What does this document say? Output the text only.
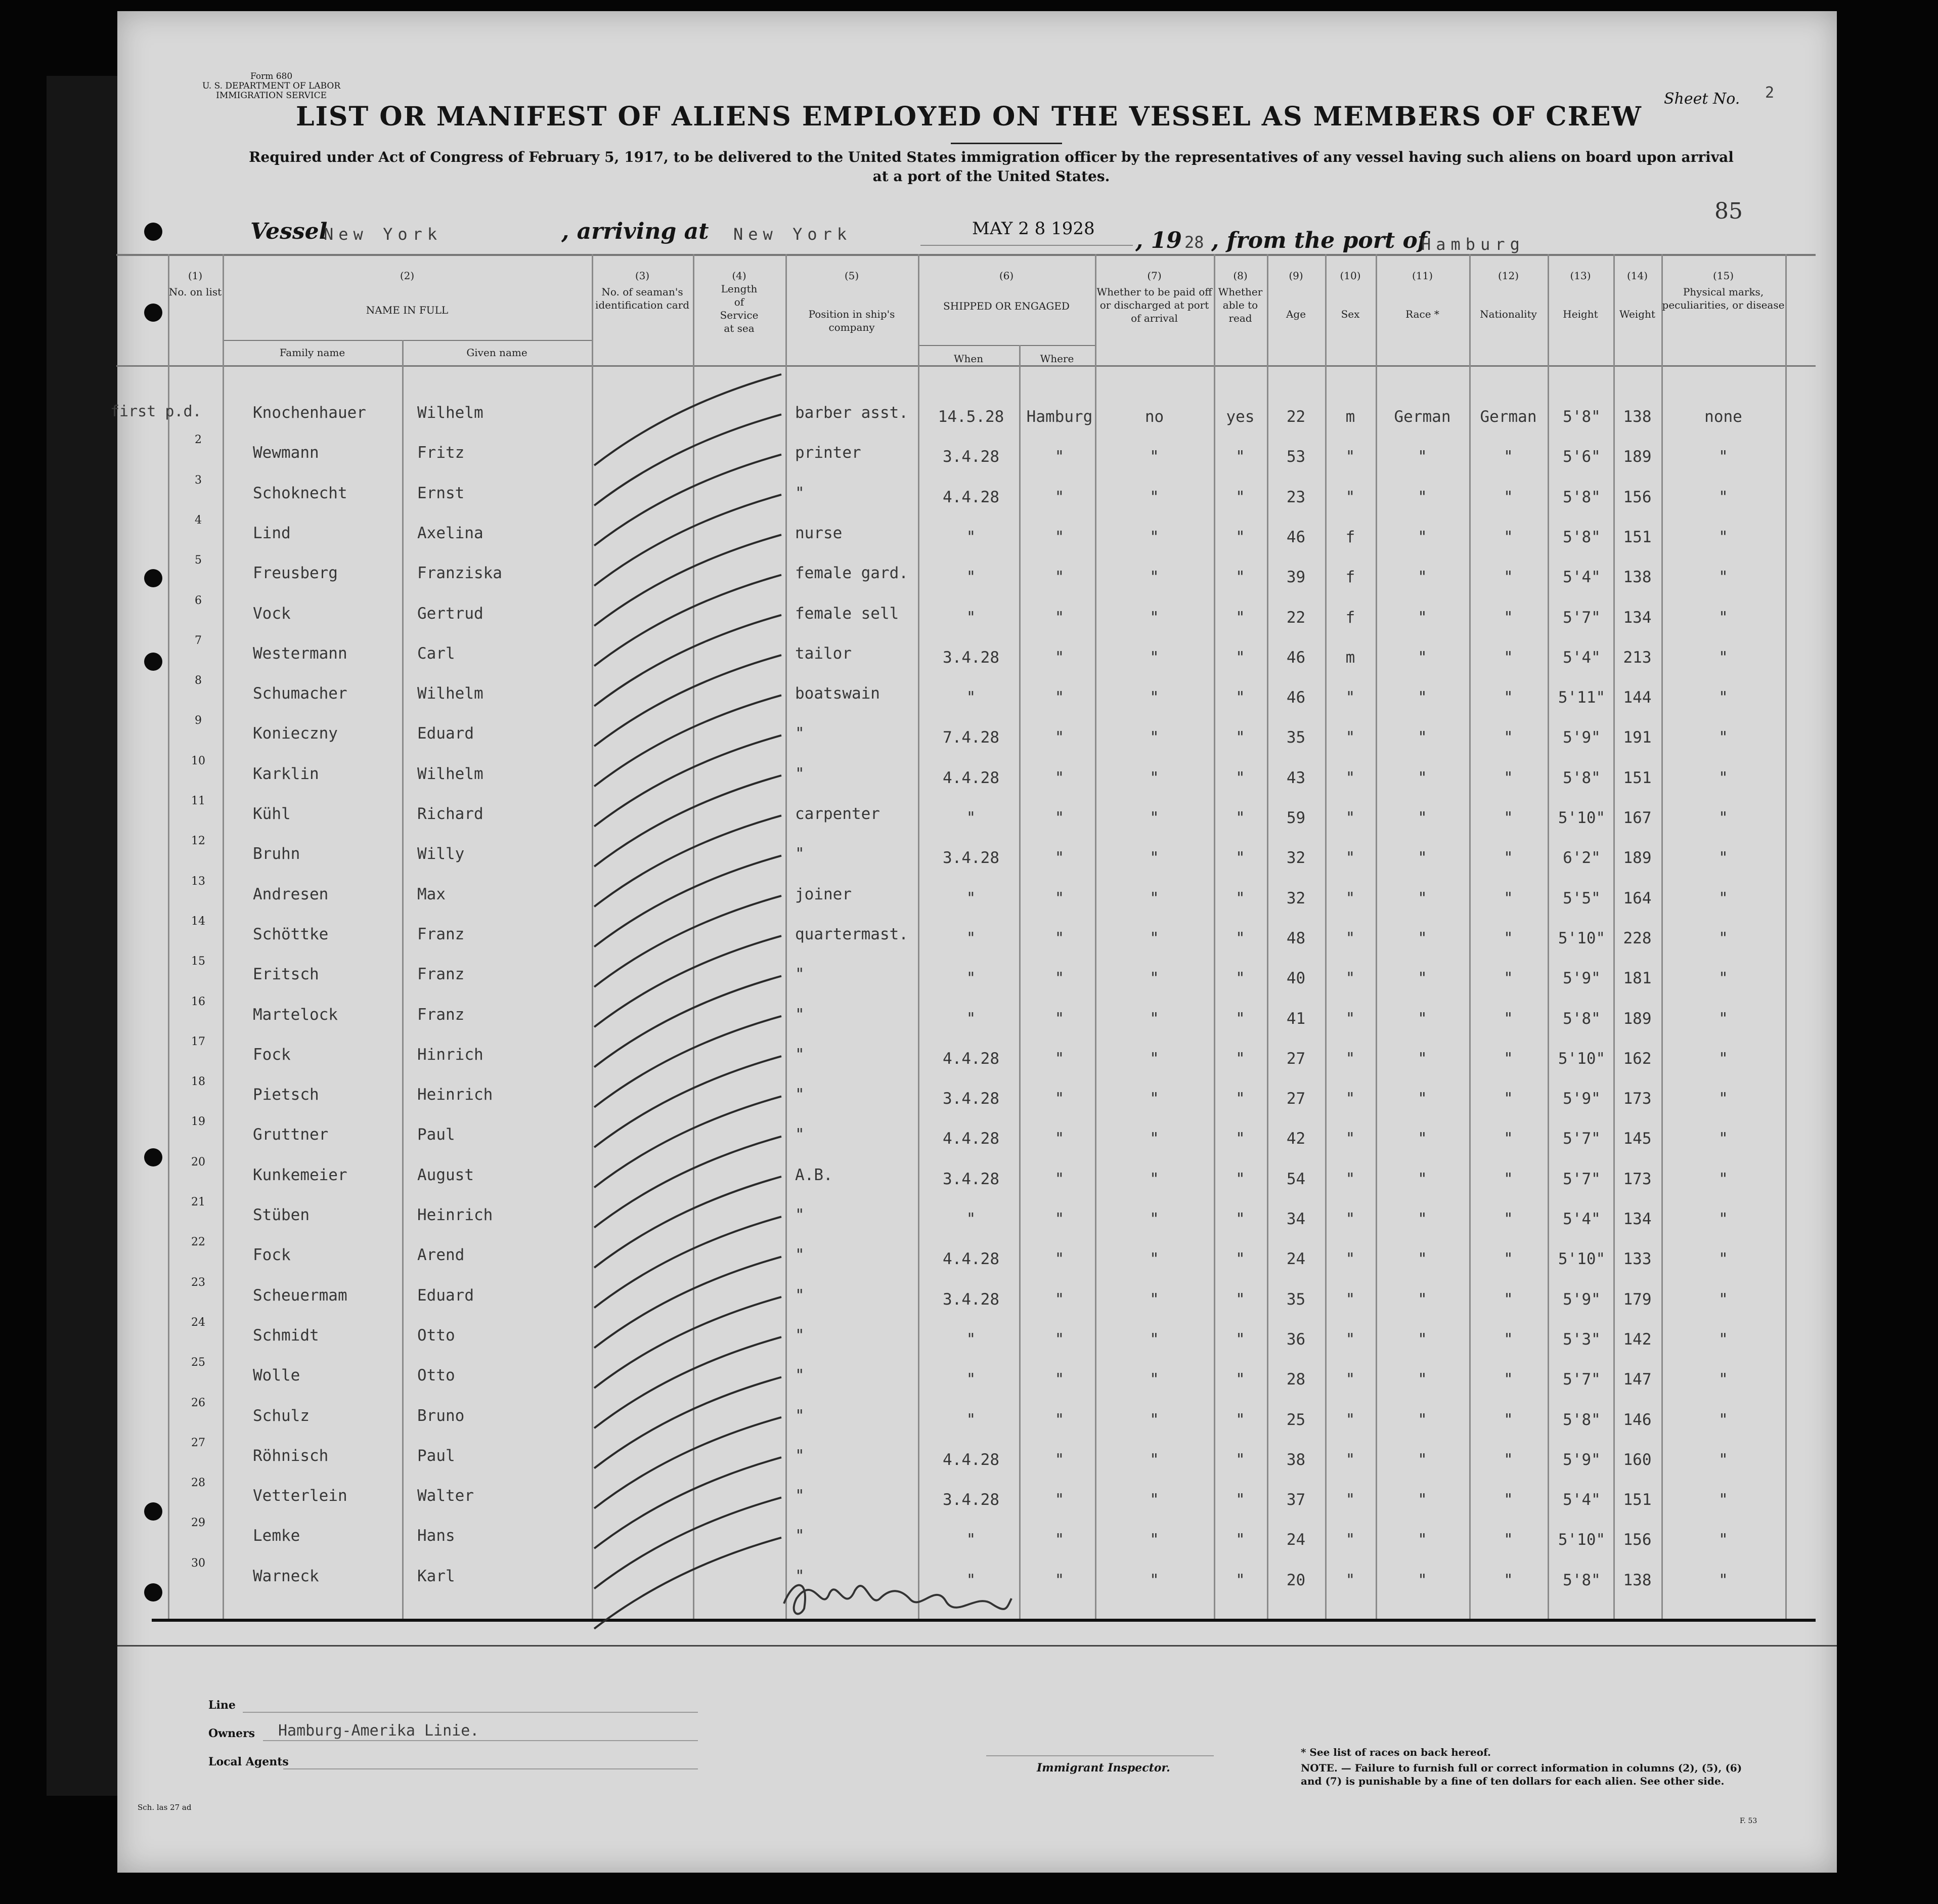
Form 680
U. S. DEPARTMENT OF LABOR
IMMIGRATION SERVICE	Sheet No. 2
LIST OR MANIFEST OF ALIENS EMPLOYED ON THE VESSEL AS MEMBERS OF CREW
Required under Act of Congress of February 5, 1917, to be delivered to the United States immigration officer by the representatives of any vessel having such aliens on board upon arrival at a port of the United States.
85
Vessel
New York	, arriving at New York	MAY 2 8 1928 , 19 28 , from the port of
Hamburg
(1)
No. on list
(2)
NAME IN FULL
Family name	Given name
(3)
No. of seaman's identification card
(4)
Length of Service at sea
(5)
Position in ship's company
(6)
SHIPPED OR ENGAGED
When	Where
(7)
Whether to be paid off or discharged at port of arrival
(8)
Whether able to read
(9)
Age
(10)
Sex
(11)
Race *
(12)
Nationality
(13)
Height
(14)
Weight
(15)
Physical marks, peculiarities, or disease
Knochenhauer	Wilhelm	barber asst.	14.5.28	Hamburg	no	yes	22	m	German	German	5'8"	138	none
2
Wewmann	Fritz	printer	3.4.28	"	"	"	53	"	"	"	5'6"	189	"
3
Schoknecht	Ernst	"	4.4.28	"	"	"	23	"	"	"	5'8"	156	"
4
Lind	Axelina	nurse	"	"	"	"	46	f	"	"	5'8"	151	"
5
Freusberg	Franziska	female gard.	"	"	"	"	39	f	"	"	5'4"	138	"
6
Vock	Gertrud	female sell	"	"	"	"	22	f	"	"	5'7"	134	"
7
Westermann	Carl	tailor	3.4.28	"	"	"	46	m	"	"	5'4"	213	"
8
Schumacher	Wilhelm	boatswain	"	"	"	"	46	"	"	"	5'11"	144	"
9
Konieczny	Eduard	"	7.4.28	"	"	"	35	"	"	"	5'9"	191	"
10
Karklin	Wilhelm	"	4.4.28	"	"	"	43	"	"	"	5'8"	151	"
11
Kühl	Richard	carpenter	"	"	"	"	59	"	"	"	5'10"	167	"
12
Bruhn	Willy	"	3.4.28	"	"	"	32	"	"	"	6'2"	189	"
13
Andresen	Max	joiner	"	"	"	"	32	"	"	"	5'5"	164	"
14
Schöttke	Franz	quartermast.	"	"	"	"	48	"	"	"	5'10"	228	"
15
Eritsch	Franz	"	"	"	"	"	40	"	"	"	5'9"	181	"
16
Martelock	Franz	"	"	"	"	"	41	"	"	"	5'8"	189	"
17
Fock	Hinrich	"	4.4.28	"	"	"	27	"	"	"	5'10"	162	"
18
Pietsch	Heinrich	"	3.4.28	"	"	"	27	"	"	"	5'9"	173	"
19
Gruttner	Paul	"	4.4.28	"	"	"	42	"	"	"	5'7"	145	"
20
Kunkemeier	August	A.B.	3.4.28	"	"	"	54	"	"	"	5'7"	173	"
21
Stüben	Heinrich	"	"	"	"	"	34	"	"	"	5'4"	134	"
22
Fock	Arend	"	4.4.28	"	"	"	24	"	"	"	5'10"	133	"
23
Scheuermam	Eduard	"	3.4.28	"	"	"	35	"	"	"	5'9"	179	"
24
Schmidt	Otto	"	"	"	"	"	36	"	"	"	5'3"	142	"
25
Wolle	Otto	"	"	"	"	"	28	"	"	"	5'7"	147	"
26
Schulz	Bruno	"	"	"	"	"	25	"	"	"	5'8"	146	"
27
Röhnisch	Paul	"	4.4.28	"	"	"	38	"	"	"	5'9"	160	"
28
Vetterlein	Walter	"	3.4.28	"	"	"	37	"	"	"	5'4"	151	"
29
Lemke	Hans	"	"	"	"	"	24	"	"	"	5'10"	156	"
30
Warneck	Karl	"	"	"	"	"	20	"	"	"	5'8"	138	"
first p.d.
Line
Owners Hamburg-Amerika Linie.
Local Agents	Immigrant Inspector.
* See list of races on back hereof.
NOTE. — Failure to furnish full or correct information in columns (2), (5), (6) and (7) is punishable by a fine of ten dollars for each alien. See other side.
Sch. las 27 ad
F. 53
